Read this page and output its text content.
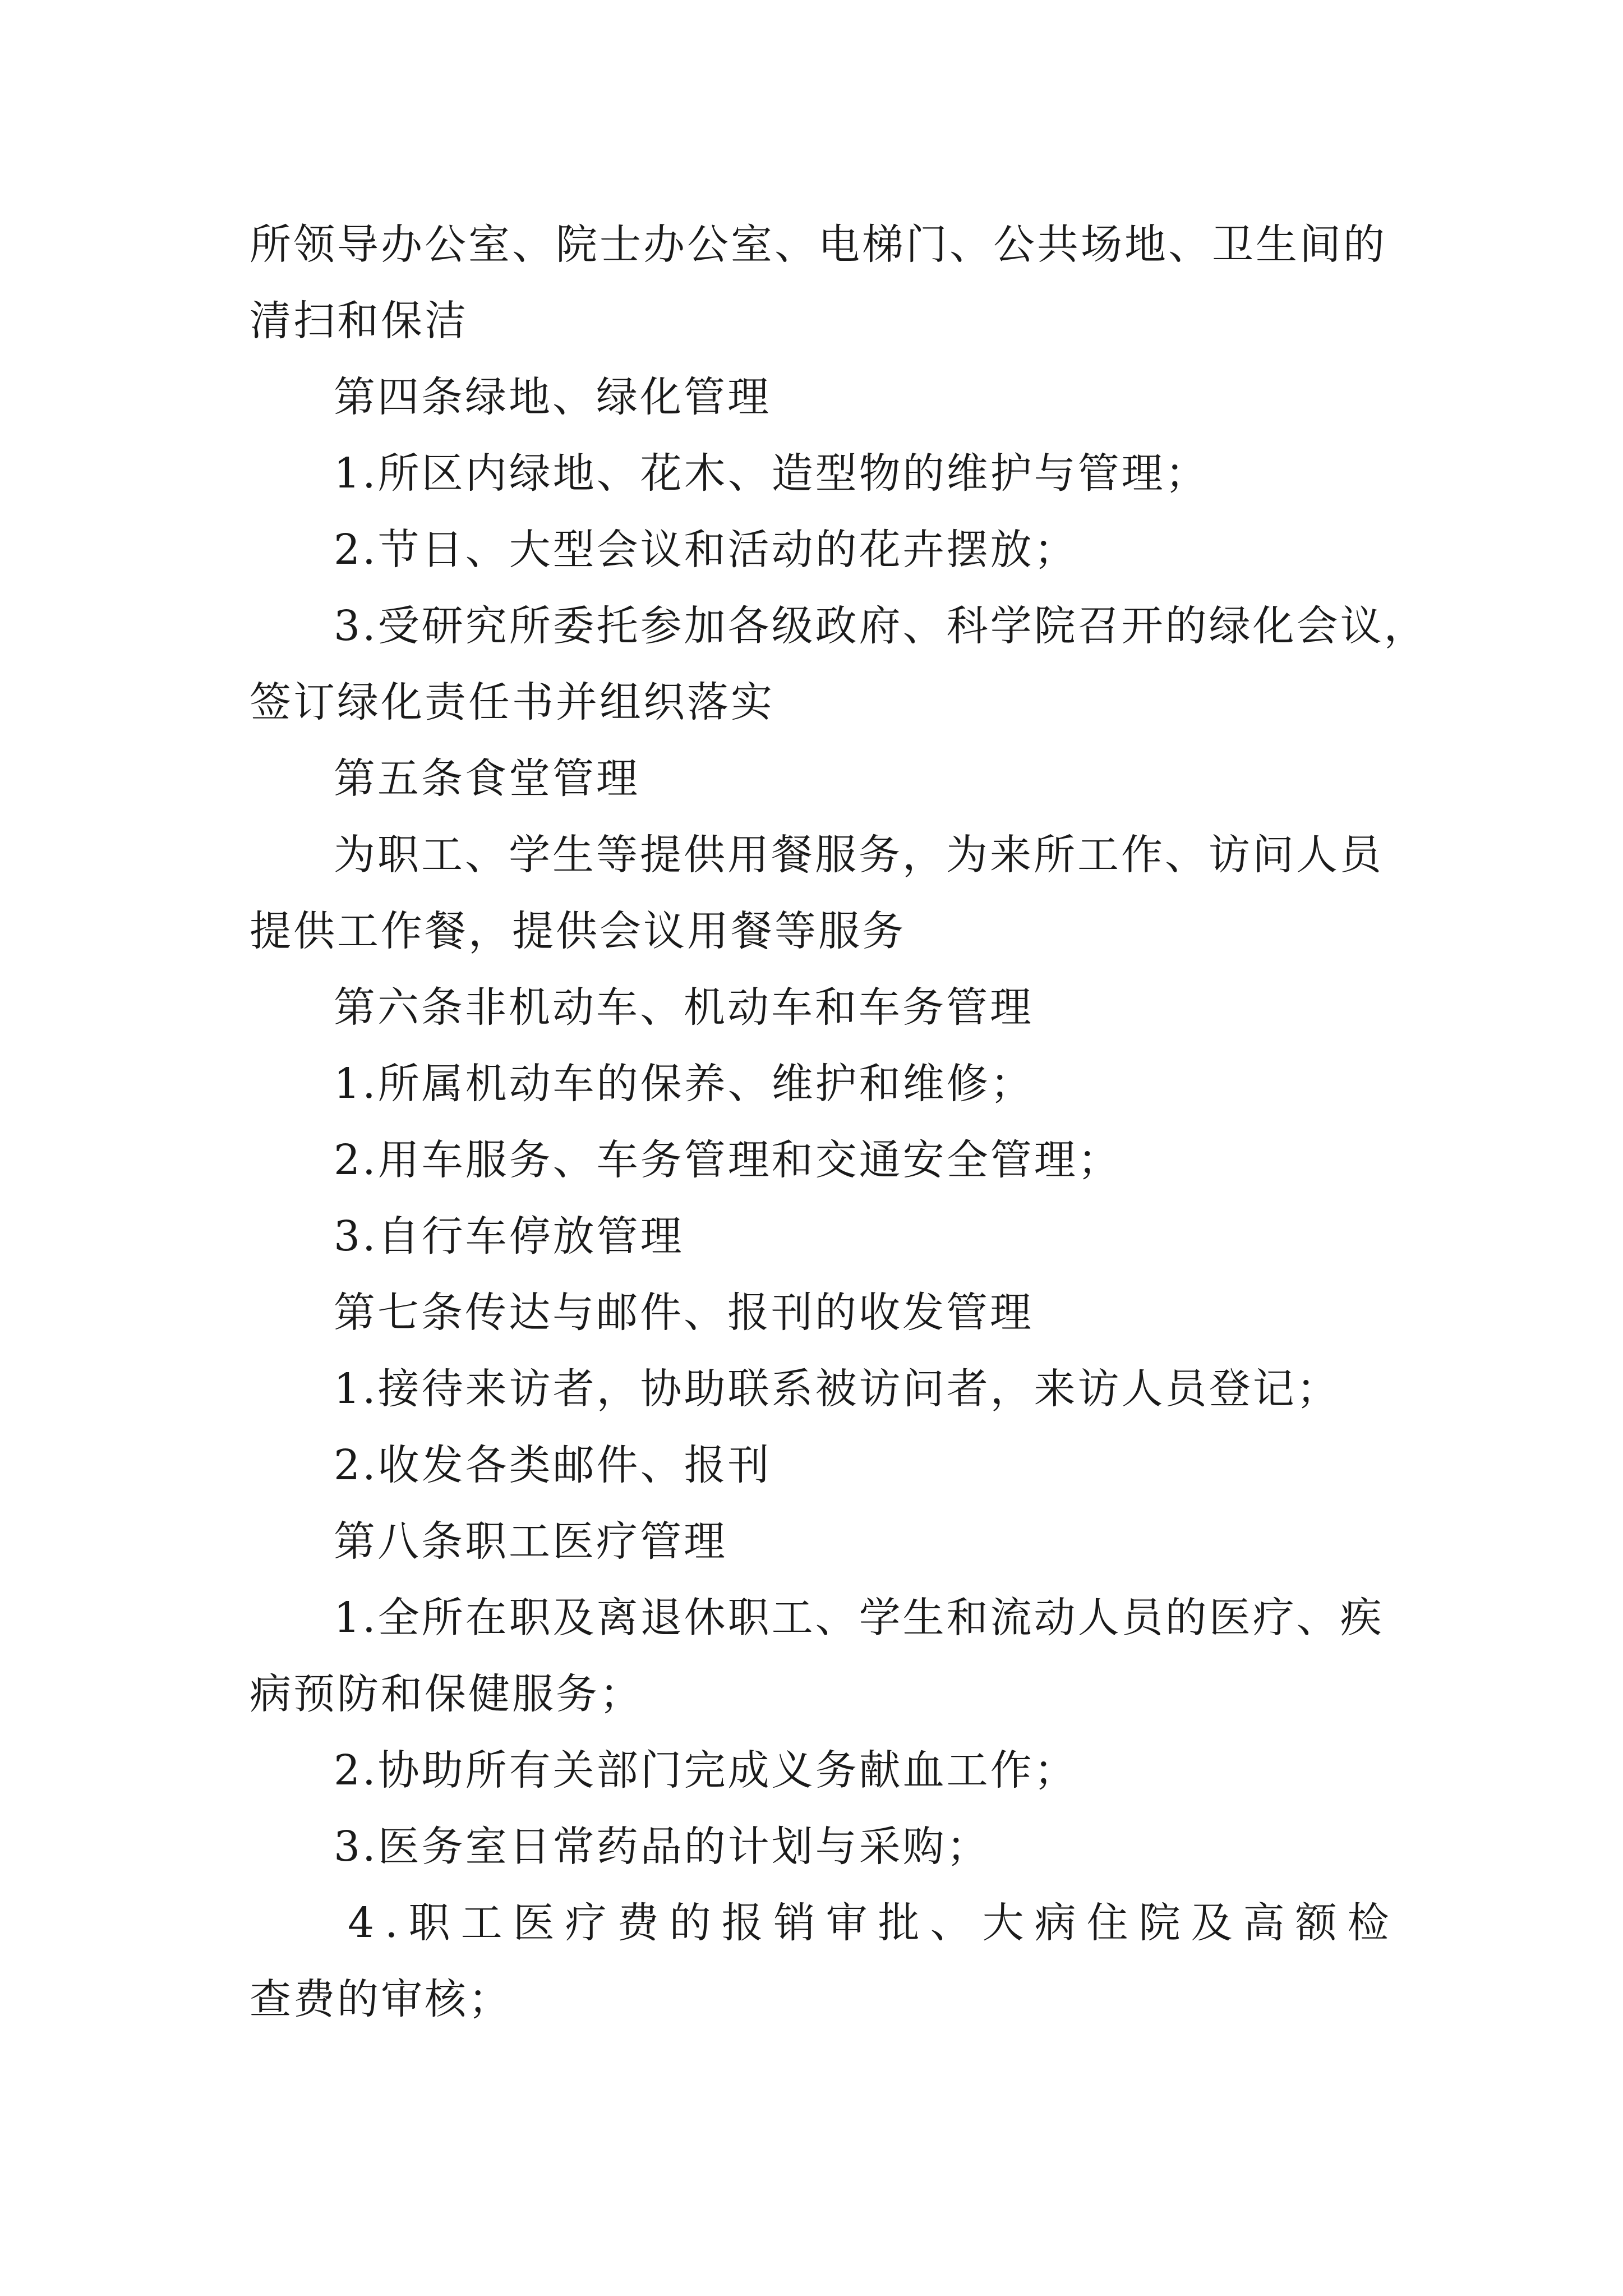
所领导办公室、院士办公室、电梯门、公共场地、卫生间的
清扫和保洁
第四条绿地、绿化管理
1.所区内绿地、花木、造型物的维护与管理；
2.节日、大型会议和活动的花卉摆放；
3.受研究所委托参加各级政府、科学院召开的绿化会议，
签订绿化责任书并组织落实
第五条食堂管理
为职工、学生等提供用餐服务，为来所工作、访问人员
提供工作餐，提供会议用餐等服务
第六条非机动车、机动车和车务管理
1.所属机动车的保养、维护和维修；
2.用车服务、车务管理和交通安全管理；
3.自行车停放管理
第七条传达与邮件、报刊的收发管理
1.接待来访者，协助联系被访问者，来访人员登记；
2.收发各类邮件、报刊
第八条职工医疗管理
1.全所在职及离退休职工、学生和流动人员的医疗、疾
病预防和保健服务；
2.协助所有关部门完成义务献血工作；
3.医务室日常药品的计划与采购；
4.职工医疗费的报销审批、大病住院及高额检
查费的审核；
